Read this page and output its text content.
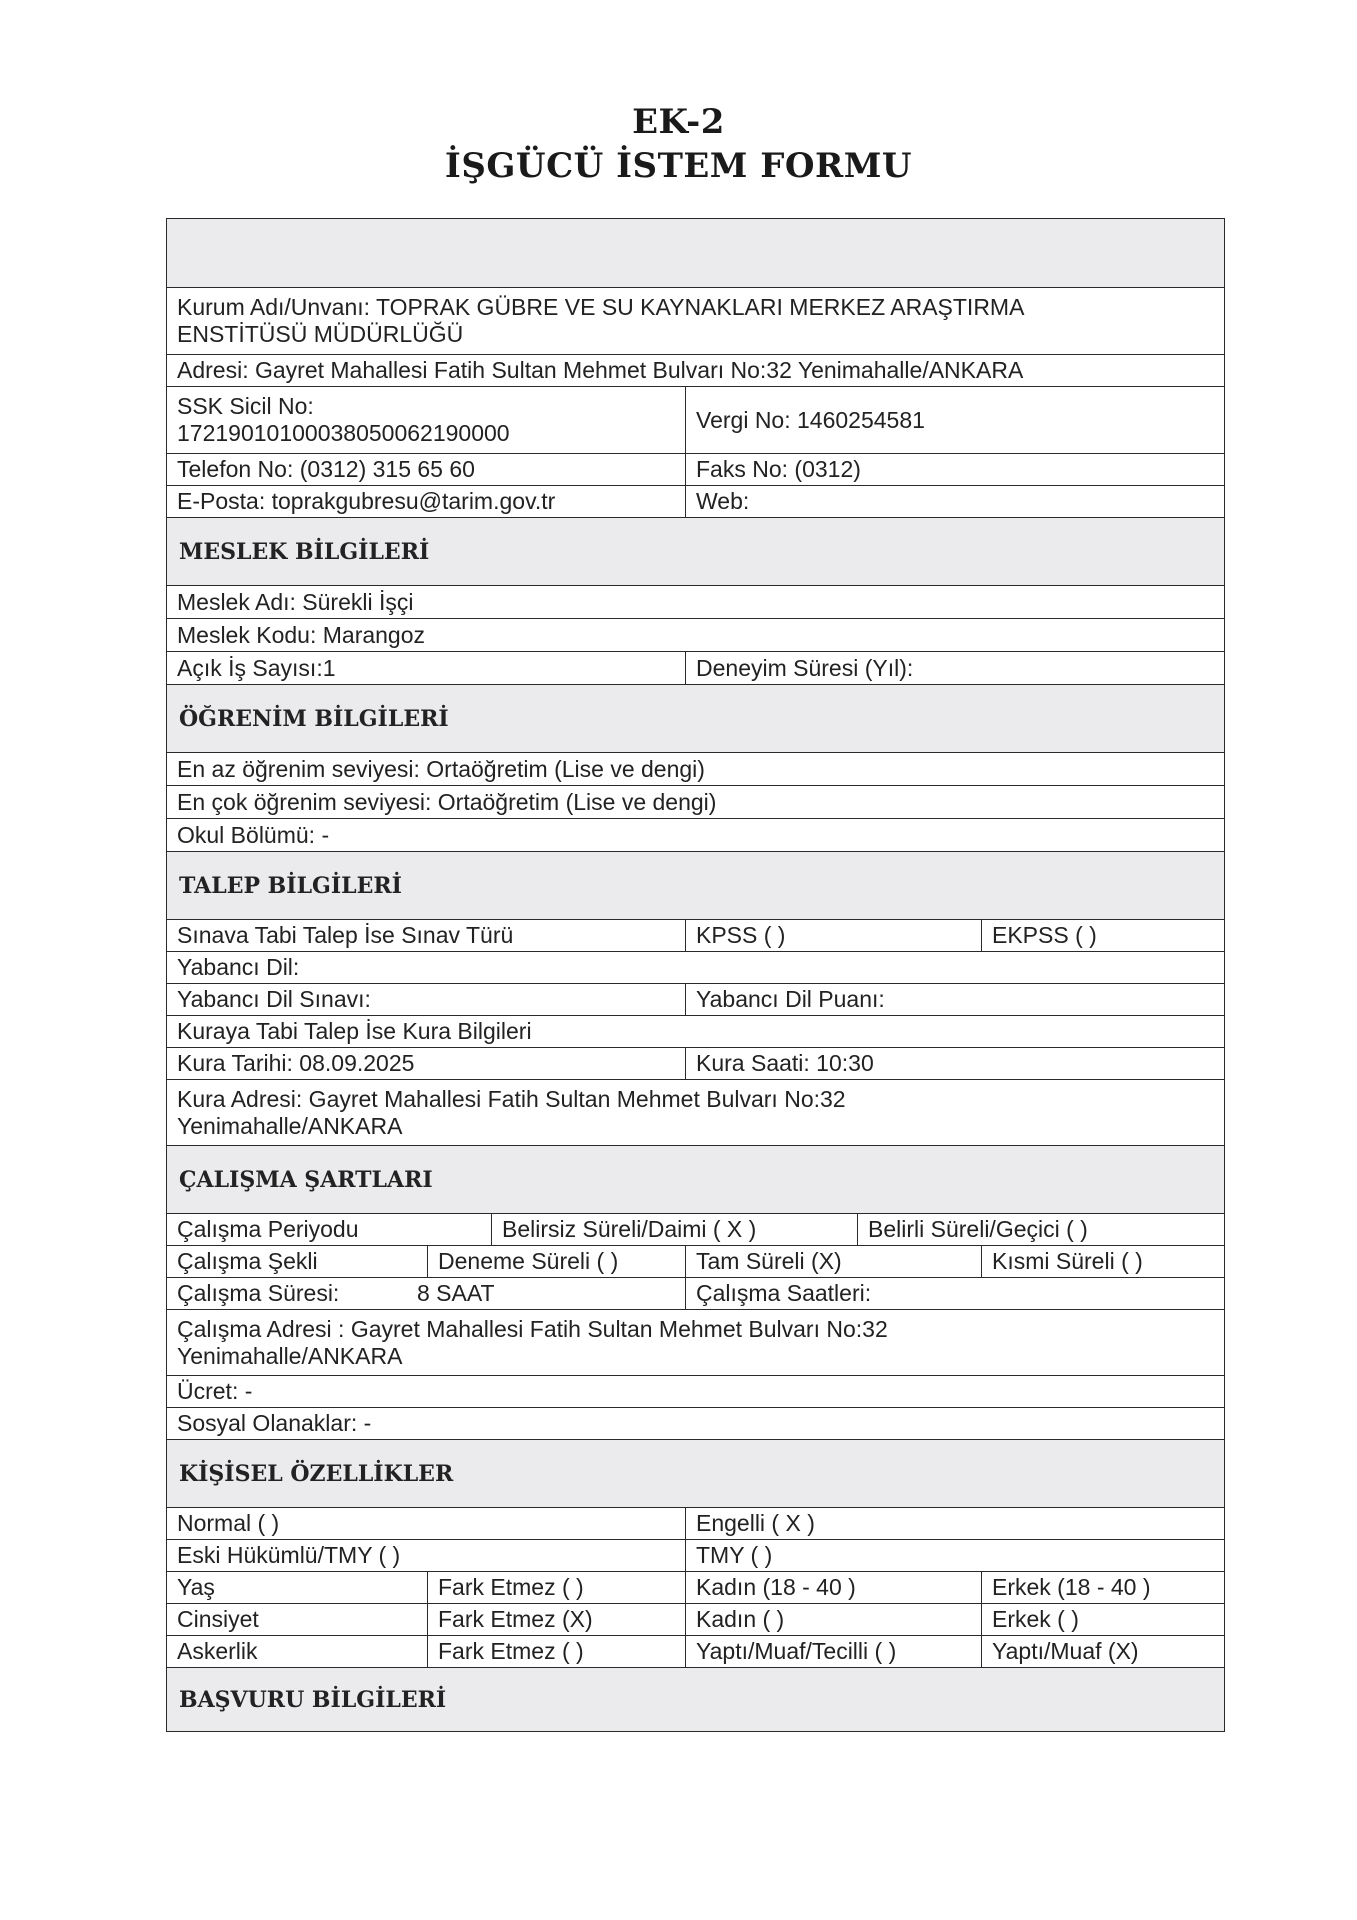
EK-2
İŞGÜCÜ İSTEM FORMU
Kurum Adı/Unvanı: TOPRAK GÜBRE VE SU KAYNAKLARI MERKEZ ARAŞTIRMA
ENSTİTÜSÜ MÜDÜRLÜĞÜ
Adresi: Gayret Mahallesi Fatih Sultan Mehmet Bulvarı No:32 Yenimahalle/ANKARA
SSK Sicil No:
17219010100038050062190000
Vergi No: 1460254581
Telefon No: (0312) 315 65 60	Faks No: (0312)
E-Posta: toprakgubresu@tarim.gov.tr	Web:
MESLEK BİLGİLERİ
Meslek Adı: Sürekli İşçi
Meslek Kodu: Marangoz
Açık İş Sayısı:1	Deneyim Süresi (Yıl):
ÖĞRENİM BİLGİLERİ
En az öğrenim seviyesi: Ortaöğretim (Lise ve dengi)
En çok öğrenim seviyesi: Ortaöğretim (Lise ve dengi)
Okul Bölümü: -
TALEP BİLGİLERİ
Sınava Tabi Talep İse Sınav Türü	KPSS ( )	EKPSS ( )
Yabancı Dil:
Yabancı Dil Sınavı:	Yabancı Dil Puanı:
Kuraya Tabi Talep İse Kura Bilgileri
Kura Tarihi: 08.09.2025	Kura Saati: 10:30
Kura Adresi: Gayret Mahallesi Fatih Sultan Mehmet Bulvarı No:32
Yenimahalle/ANKARA
ÇALIŞMA ŞARTLARI
Çalışma Periyodu	Belirsiz Süreli/Daimi ( X )	Belirli Süreli/Geçici ( )
Çalışma Şekli	Deneme Süreli ( )	Tam Süreli (X)	Kısmi Süreli ( )
Çalışma Süresi:	8 SAAT	Çalışma Saatleri:
Çalışma Adresi : Gayret Mahallesi Fatih Sultan Mehmet Bulvarı No:32
Yenimahalle/ANKARA
Ücret: -
Sosyal Olanaklar: -
KİŞİSEL ÖZELLİKLER
Normal ( )	Engelli ( X )
Eski Hükümlü/TMY ( )	TMY ( )
Yaş	Fark Etmez ( )	Kadın (18 - 40 )	Erkek (18 - 40 )
Cinsiyet	Fark Etmez (X)	Kadın ( )	Erkek ( )
Askerlik	Fark Etmez ( )	Yaptı/Muaf/Tecilli ( )	Yaptı/Muaf (X)
BAŞVURU BİLGİLERİ
